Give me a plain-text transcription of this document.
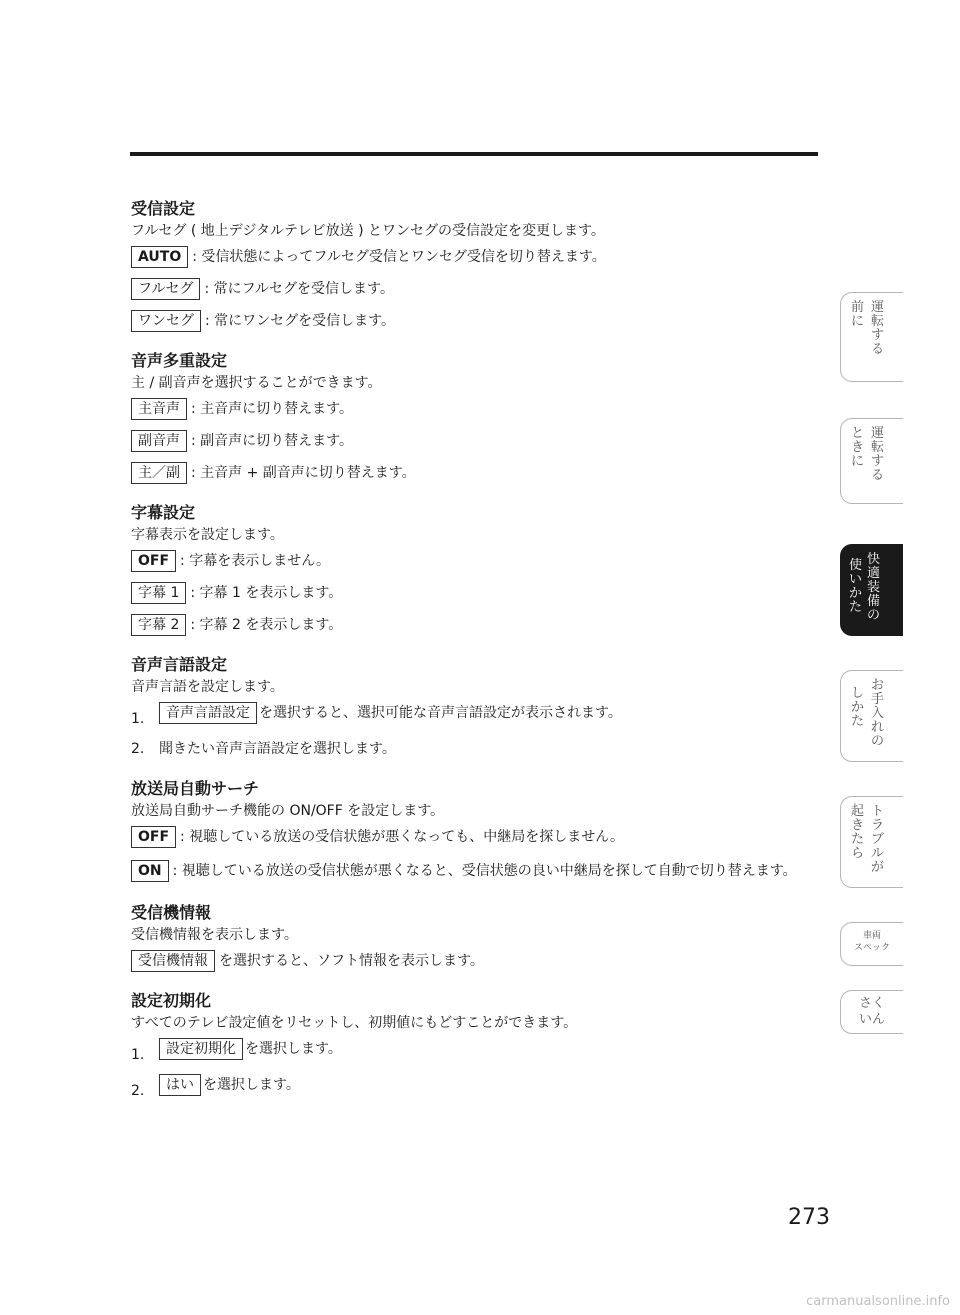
受信設定

フルセグ ( 地上デジタルテレビ放送 ) とワンセグの受信設定を変更します。

AUTO : 受信状態によってフルセグ受信とワンセグ受信を切り替えます。
フルセグ : 常にフルセグを受信します。
ワンセグ : 常にワンセグを受信します。
音声多重設定

主 / 副音声を選択することができます。

主音声 : 主音声に切り替えます。
副音声 : 副音声に切り替えます。
主／副 : 主音声 + 副音声に切り替えます。
字幕設定

字幕表示を設定します。

OFF : 字幕を表示しません。
字幕 1 : 字幕 1 を表示します。
字幕 2 : 字幕 2 を表示します。
音声言語設定

音声言語を設定します。

1.	音声言語設定 を選択すると、選択可能な音声言語設定が表示されます。
2.	聞きたい音声言語設定を選択します。
放送局自動サーチ

放送局自動サーチ機能の ON/OFF を設定します。

OFF : 視聴している放送の受信状態が悪くなっても、中継局を探しません。
ON : 視聴している放送の受信状態が悪くなると、受信状態の良い中継局を探して自動で切り替えます。
受信機情報

受信機情報を表示します。

受信機情報 を選択すると、ソフト情報を表示します。
設定初期化

すべてのテレビ設定値をリセットし、初期値にもどすことができます。

1.	設定初期化 を選択します。
2.	はい を選択します。
運
転
す
る
前
に
運
転
す
る
と
き
に
快
適
装
備
の
使
い
か
た
お
手
入
れ
の
し
か
た
ト
ラ
ブ
ル
が
起
き
た
ら
車両
スペック
さく
いん
273
carmanualsonline.info
